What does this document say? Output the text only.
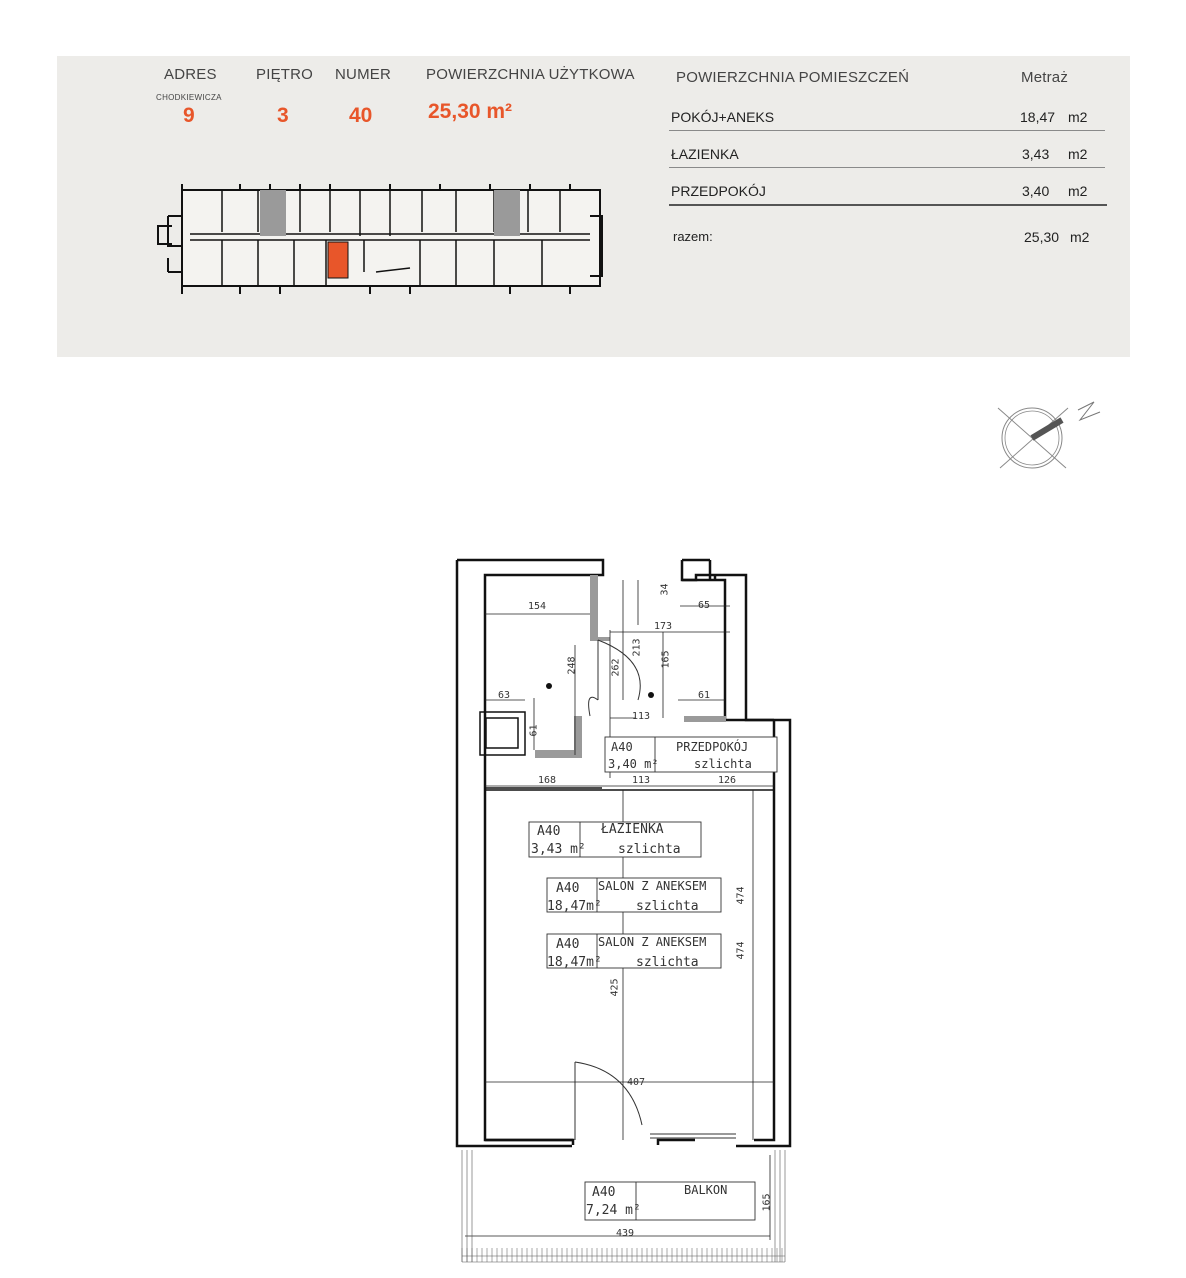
ADRES
CHODKIEWICZA
9
PIĘTRO
3
NUMER
40
POWIERZCHNIA UŻYTKOWA
25,30 m²
POWIERZCHNIA POMIESZCZEŃ	Metraż
POKÓJ+ANEKS	18,47 m2
ŁAZIENKA	3,43 m2
PRZEDPOKÓJ	3,40 m2
razem:	25,30 m2
154
248	262
213
34
65
173
165
63
61
113
61
168	113	126
474
474
425
407
439
165
A40
3,40 m²
PRZEDPOKÓJ
szlichta
A40
3,43 m²
ŁAZIENKA
szlichta
A40
18,47m²
SALON Z ANEKSEM
szlichta
A40
18,47m²
SALON Z ANEKSEM
szlichta
A40
7,24 m²
BALKON
